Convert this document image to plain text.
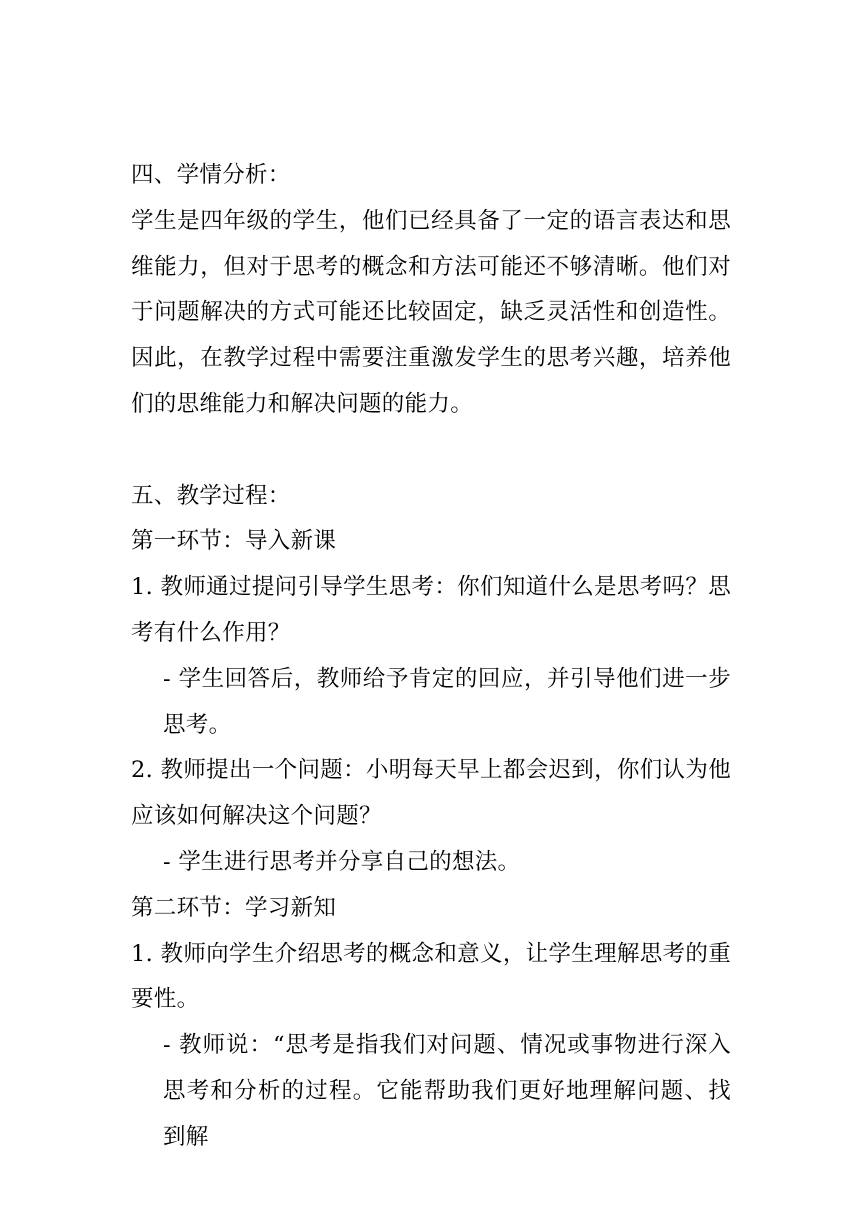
四、学情分析：

学生是四年级的学生，他们已经具备了一定的语言表达和思维能力，但对于思考的概念和方法可能还不够清晰。他们对于问题解决的方式可能还比较固定，缺乏灵活性和创造性。因此，在教学过程中需要注重激发学生的思考兴趣，培养他们的思维能力和解决问题的能力。

五、教学过程：

第一环节：导入新课

1. 教师通过提问引导学生思考：你们知道什么是思考吗？思考有什么作用？

- 学生回答后，教师给予肯定的回应，并引导他们进一步思考。

2. 教师提出一个问题：小明每天早上都会迟到，你们认为他应该如何解决这个问题？

- 学生进行思考并分享自己的想法。

第二环节：学习新知

1. 教师向学生介绍思考的概念和意义，让学生理解思考的重要性。

- 教师说：“思考是指我们对问题、情况或事物进行深入思考和分析的过程。它能帮助我们更好地理解问题、找到解
